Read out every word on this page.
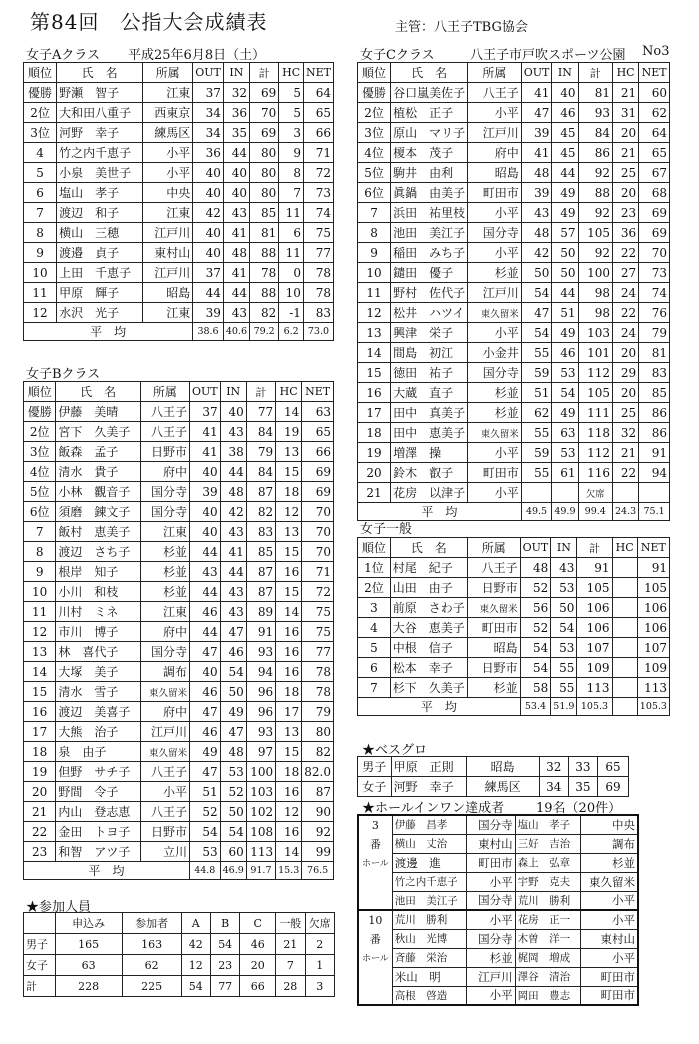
第84回　公指大会成績表	主管：八王子TBG協会
女子Aクラス 平成25年6月8日（土）
順位	氏　名	所属	OUT	IN	計	HC	NET
優勝	野瀬　智子	江東	37	32	69	5	64
2位	大和田八重子	西東京	34	36	70	5	65
3位	河野　幸子	練馬区	34	35	69	3	66
4	竹之内千恵子	小平	36	44	80	9	71
5	小泉　美世子	小平	40	40	80	8	72
6	塩山　孝子	中央	40	40	80	7	73
7	渡辺　和子	江東	42	43	85	11	74
8	横山　三穂	江戸川	40	41	81	6	75
9	渡邉　貞子	東村山	40	48	88	11	77
10	上田　千恵子	江戸川	37	41	78	0	78
11	甲原　輝子	昭島	44	44	88	10	78
12	水沢　光子	江東	39	43	82	-1	83
平　均			38.6	40.6	79.2	6.2	73.0
女子Bクラス
順位	氏　名	所属	OUT	IN	計	HC	NET
優勝	伊藤　美晴	八王子	37	40	77	14	63
2位	宮下　久美子	八王子	41	43	84	19	65
3位	飯森　孟子	日野市	41	38	79	13	66
4位	清水　貴子	府中	40	44	84	15	69
5位	小林　觀音子	国分寺	39	48	87	18	69
6位	須磨　錬文子	国分寺	40	42	82	12	70
7	飯村　恵美子	江東	40	43	83	13	70
8	渡辺　さち子	杉並	44	41	85	15	70
9	根岸　知子	杉並	43	44	87	16	71
10	小川　和枝	杉並	44	43	87	15	72
11	川村　ミネ	江東	46	43	89	14	75
12	市川　博子	府中	44	47	91	16	75
13	林　喜代子	国分寺	47	46	93	16	77
14	大塚　美子	調布	40	54	94	16	78
15	清水　雪子	東久留米	46	50	96	18	78
16	渡辺　美喜子	府中	47	49	96	17	79
17	大熊　治子	江戸川	46	47	93	13	80
18	泉　由子	東久留米	49	48	97	15	82
19	但野　サチ子	八王子	47	53	100	18	82.0
20	野間　令子	小平	51	52	103	16	87
21	内山　登志恵	八王子	52	50	102	12	90
22	金田　トヨ子	日野市	54	54	108	16	92
23	和智　アツ子	立川	53	60	113	14	99
平　均			44.8	46.9	91.7	15.3	76.5
女子Cクラス	八王子市戸吹スポーツ公園 No3
順位	氏　名	所属	OUT	IN	計	HC	NET
優勝	谷口嵐美佐子	八王子	41	40	81	21	60
2位	植松　正子	小平	47	46	93	31	62
3位	原山　マリ子	江戸川	39	45	84	20	64
4位	榎本　茂子	府中	41	45	86	21	65
5位	駒井　由利	昭島	48	44	92	25	67
6位	眞鍋　由美子	町田市	39	49	88	20	68
7	浜田　祐里枝	小平	43	49	92	23	69
8	池田　美江子	国分寺	48	57	105	36	69
9	稲田　みち子	小平	42	50	92	22	70
10	鑓田　優子	杉並	50	50	100	27	73
11	野村　佐代子	江戸川	54	44	98	24	74
12	松井　ハツイ	東久留米	47	51	98	22	76
13	興津　栄子	小平	54	49	103	24	79
14	間島　初江	小金井	55	46	101	20	81
15	徳田　祐子	国分寺	59	53	112	29	83
16	大蔵　直子	杉並	51	54	105	20	85
17	田中　真美子	杉並	62	49	111	25	86
18	田中　恵美子	東久留米	55	63	118	32	86
19	増澤　操	小平	59	53	112	21	91
20	鈴木　叡子	町田市	55	61	116	22	94
21	花房　以津子	小平			欠席		
平　均			49.5	49.9	99.4	24.3	75.1
女子一般
順位	氏　名	所属	OUT	IN	計	HC	NET
1位	村尾　紀子	八王子	48	43	91		91
2位	山田　由子	日野市	52	53	105		105
3	前原　さわ子	東久留米	56	50	106		106
4	大谷　恵美子	町田市	52	54	106		106
5	中根　信子	昭島	54	53	107		107
6	松本　幸子	日野市	54	55	109		109
7	杉下　久美子	杉並	58	55	113		113
平　均			53.4	51.9	105.3		105.3
★ベスグロ
男子	甲原　正則	昭島	32	33	65
女子	河野　幸子	練馬区	34	35	69
★ホールインワン達成者 19名（20件）
3	伊藤　昌孝	国分寺	塩山　孝子	中央
番	横山　丈治	東村山	三好　吉治	調布
ホール	渡邊　進	町田市	森上　弘章	杉並
	竹之内千恵子	小平	宇野　克夫	東久留米
	池田　美江子	国分寺	荒川　勝利	小平
10	荒川　勝利	小平	花房　正一	小平
番	秋山　光博	国分寺	木曽　洋一	東村山
ホール	斉藤　栄治	杉並	梶岡　増成	小平
	米山　明	江戸川	澤谷　清治	町田市
	高根　啓造	小平	岡田　豊志	町田市
★参加人員
	申込み	参加者	A	B	C	一般	欠席
男子	165	163	42	54	46	21	2
女子	63	62	12	23	20	7	1
計	228	225	54	77	66	28	3
